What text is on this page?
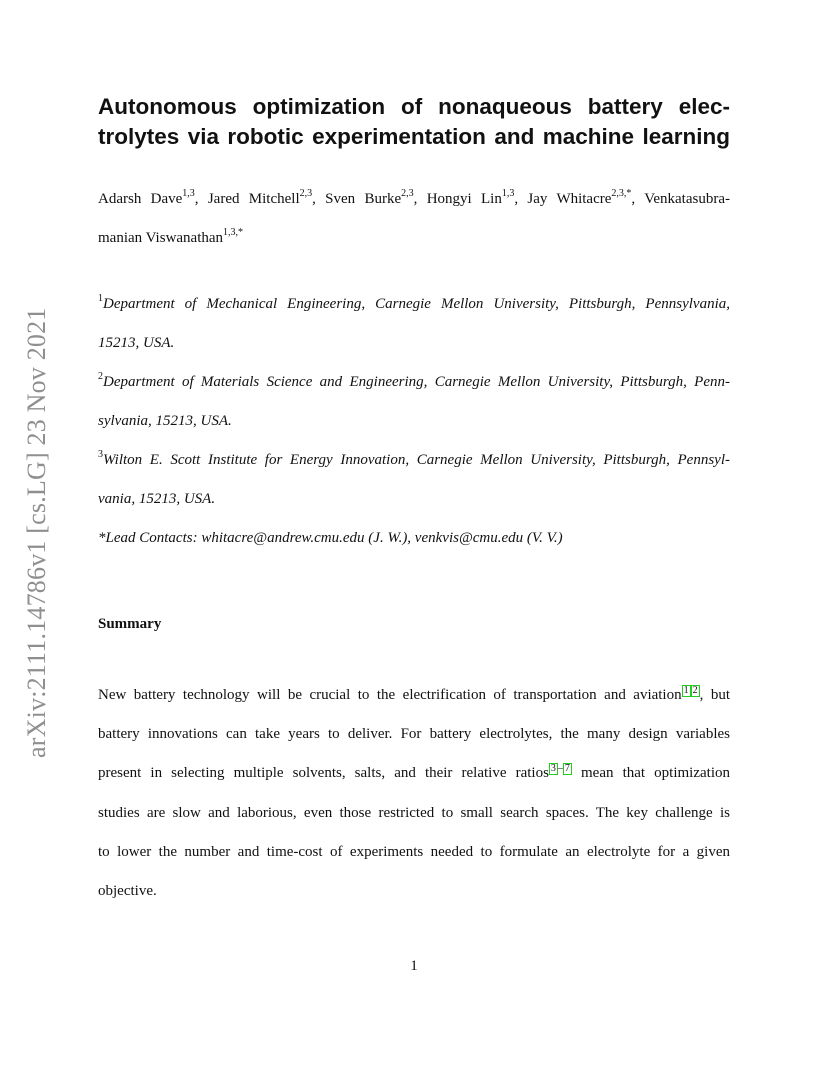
arXiv:2111.14786v1 [cs.LG] 23 Nov 2021
Autonomous optimization of nonaqueous battery elec-
trolytes via robotic experimentation and machine learning
Adarsh Dave$^{1,3}$, Jared Mitchell$^{2,3}$, Sven Burke$^{2,3}$, Hongyi Lin$^{1,3}$, Jay Whitacre$^{2,3,*}$, Venkatasubra-
manian Viswanathan$^{1,3,*}$
$^1$Department of Mechanical Engineering, Carnegie Mellon University, Pittsburgh, Pennsylvania,
15213, USA.
$^2$Department of Materials Science and Engineering, Carnegie Mellon University, Pittsburgh, Penn-
sylvania, 15213, USA.
$^3$Wilton E. Scott Institute for Energy Innovation, Carnegie Mellon University, Pittsburgh, Pennsyl-
vania, 15213, USA.
*Lead Contacts: whitacre@andrew.cmu.edu (J. W.), venkvis@cmu.edu (V. V.)
Summary
New battery technology will be crucial to the electrification of transportation and aviation 1 2 , but
battery innovations can take years to deliver. For battery electrolytes, the many design variables
present in selecting multiple solvents, salts, and their relative ratios 3 – 7 mean that optimization
studies are slow and laborious, even those restricted to small search spaces. The key challenge is
to lower the number and time-cost of experiments needed to formulate an electrolyte for a given
objective.
1
